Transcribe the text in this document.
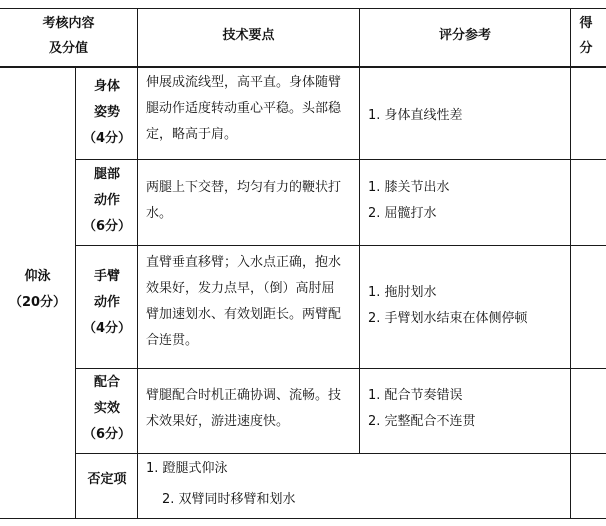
考核内容
及分值
技术要点	评分参考
得
分
仰泳
（20分）
身体
姿势
（4分）
伸展成流线型，高平直。身体随臂
腿动作适度转动重心平稳。头部稳
定，略高于肩。
1. 身体直线性差
腿部
动作
（6分）
两腿上下交替，均匀有力的鞭状打
水。
1. 膝关节出水
2. 屈髋打水
手臂
动作
（4分）
直臂垂直移臂；入水点正确，抱水
效果好，发力点早，（倒）高肘屈
臂加速划水、有效划距长。两臂配
合连贯。
1. 拖肘划水
2. 手臂划水结束在体侧停顿
配合
实效
（6分）
臂腿配合时机正确协调、流畅。技
术效果好，游进速度快。
1. 配合节奏错误
2. 完整配合不连贯
否定项
1. 蹬腿式仰泳
2. 双臂同时移臂和划水
